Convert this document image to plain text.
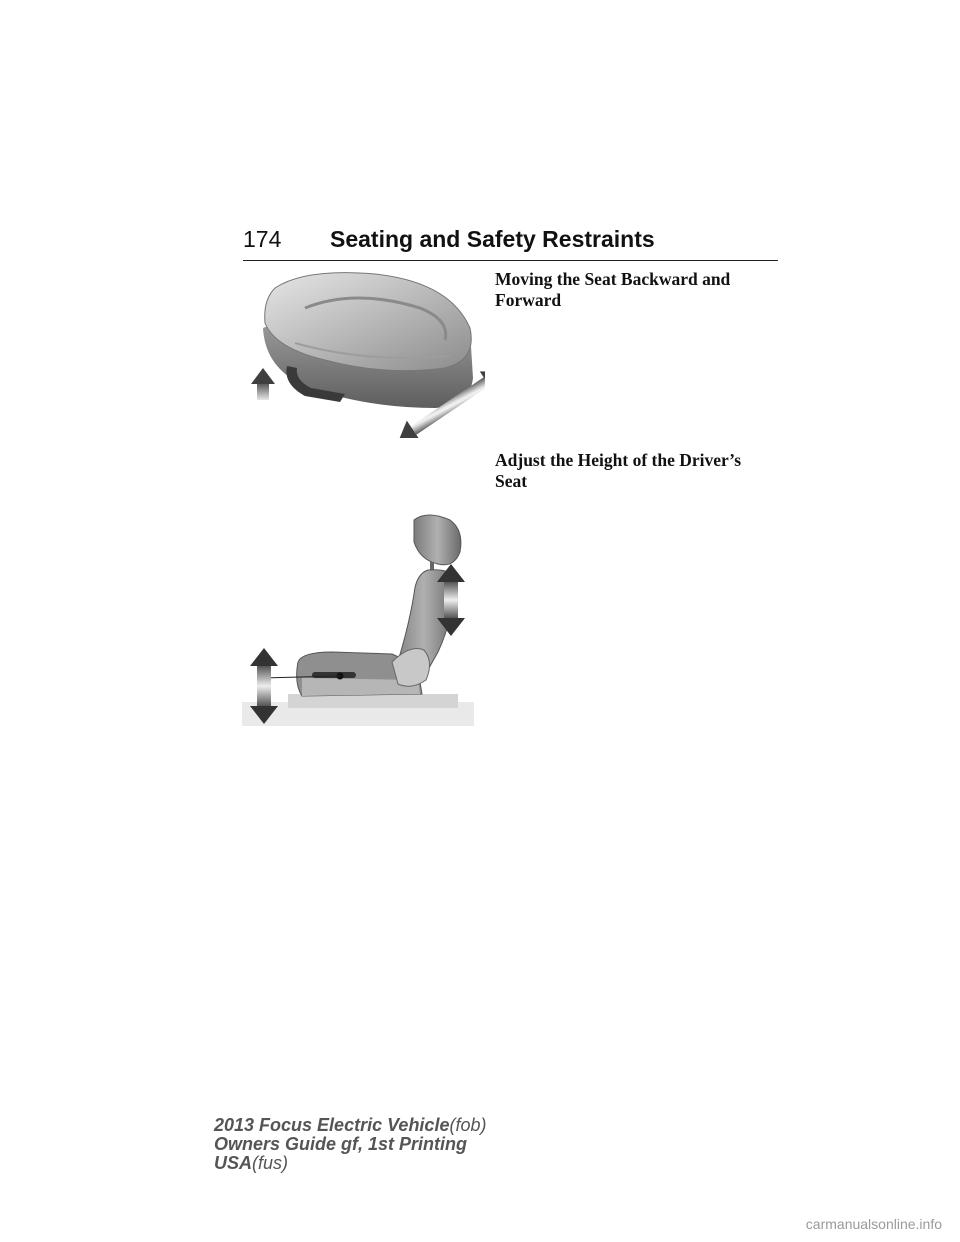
174 Seating and Safety Restraints
Moving the Seat Backward and
Forward
Adjust the Height of the Driver’s
Seat
2013 Focus Electric Vehicle(fob)
Owners Guide gf, 1st Printing
USA(fus)
carmanualsonline.info
